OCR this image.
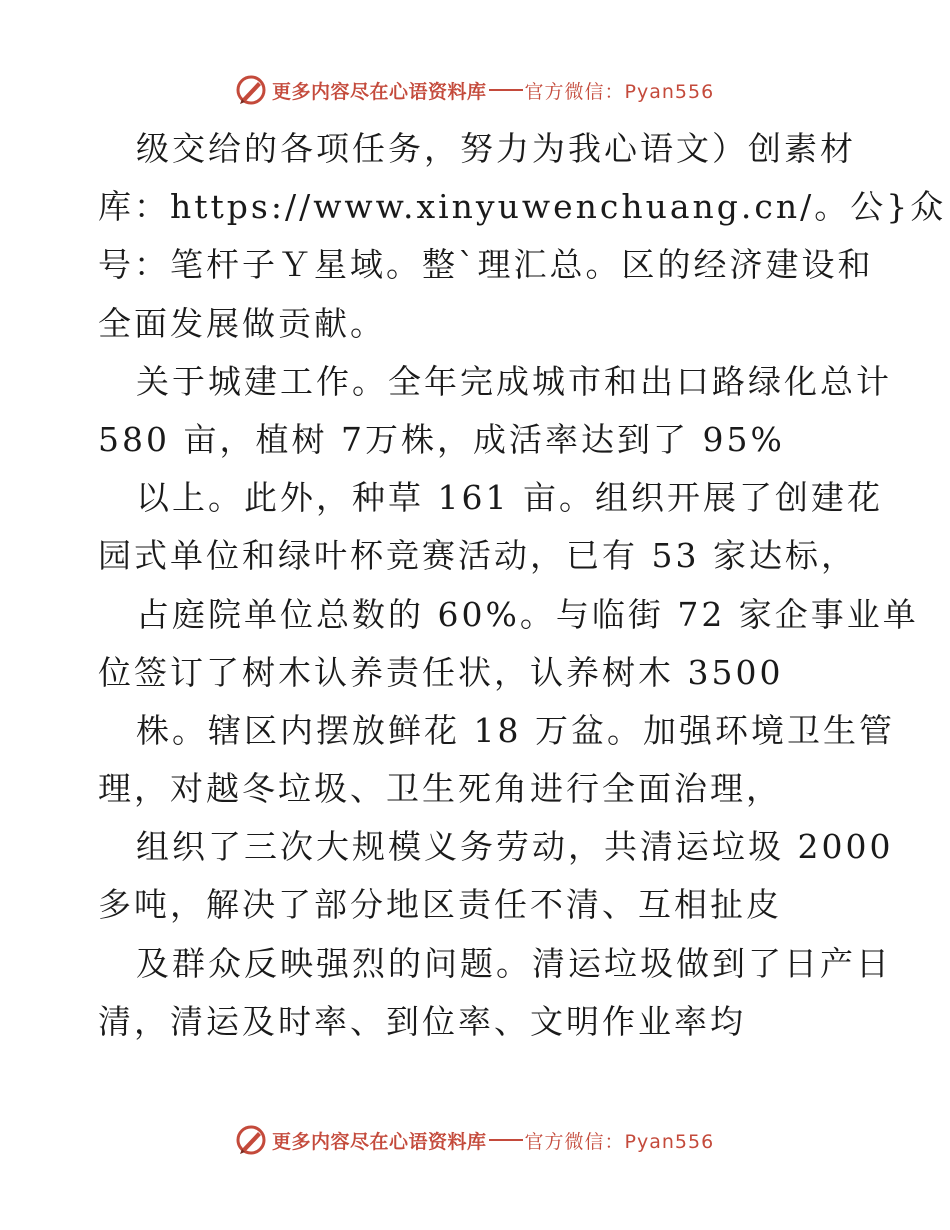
更多内容尽在心语资料库 官方微信：Pyan556
级交给的各项任务，努力为我心语文）创素材
库：https://www.xinyuwenchuang.cn/。公}众
号：笔杆子Ｙ星域。整`理汇总。区的经济建设和
全面发展做贡献。
关于城建工作。全年完成城市和出口路绿化总计
580 亩，植树 7万株，成活率达到了 95%
以上。此外，种草 161 亩。组织开展了创建花
园式单位和绿叶杯竞赛活动，已有 53 家达标，
占庭院单位总数的 60%。与临街 72 家企事业单
位签订了树木认养责任状，认养树木 3500
株。辖区内摆放鲜花 18 万盆。加强环境卫生管
理，对越冬垃圾、卫生死角进行全面治理，
组织了三次大规模义务劳动，共清运垃圾 2000
多吨，解决了部分地区责任不清、互相扯皮
及群众反映强烈的问题。清运垃圾做到了日产日
清，清运及时率、到位率、文明作业率均
更多内容尽在心语资料库 官方微信：Pyan556
